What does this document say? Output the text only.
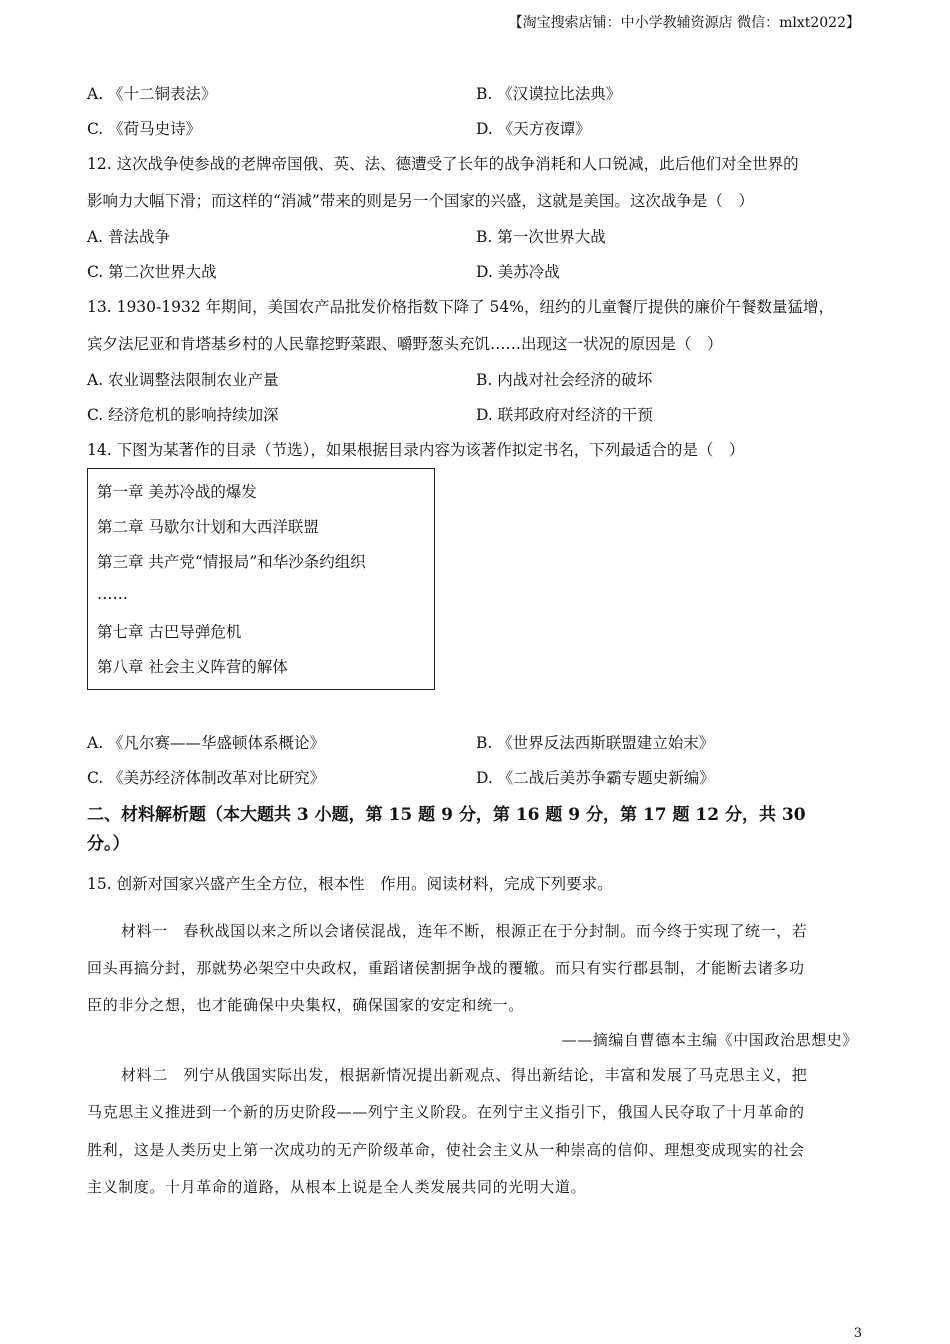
【淘宝搜索店铺：中小学教辅资源店 微信：mlxt2022】
A. 《十二铜表法》	B. 《汉谟拉比法典》
C. 《荷马史诗》	D. 《天方夜谭》
12. 这次战争使参战的老牌帝国俄、英、法、德遭受了长年的战争消耗和人口锐减，此后他们对全世界的
影响力大幅下滑；而这样的“消减”带来的则是另一个国家的兴盛，这就是美国。这次战争是（　）
A. 普法战争	B. 第一次世界大战
C. 第二次世界大战	D. 美苏冷战
13. 1930-1932 年期间，美国农产品批发价格指数下降了 54%，纽约的儿童餐厅提供的廉价午餐数量猛增，
宾夕法尼亚和肯塔基乡村的人民靠挖野菜跟、嚼野葱头充饥……出现这一状况的原因是（　）
A. 农业调整法限制农业产量	B. 内战对社会经济的破坏
C. 经济危机的影响持续加深	D. 联邦政府对经济的干预
14. 下图为某著作的目录（节选），如果根据目录内容为该著作拟定书名，下列最适合的是（　）
第一章 美苏冷战的爆发
第二章 马歇尔计划和大西洋联盟
第三章 共产党“情报局”和华沙条约组织
……
第七章 古巴导弹危机
第八章 社会主义阵营的解体
A. 《凡尔赛——华盛顿体系概论》	B. 《世界反法西斯联盟建立始末》
C. 《美苏经济体制改革对比研究》	D. 《二战后美苏争霸专题史新编》
二、材料解析题（本大题共 3 小题，第 15 题 9 分，第 16 题 9 分，第 17 题 12 分，共 30
分。）
15. 创新对国家兴盛产生全方位，根本性　作用。阅读材料，完成下列要求。
材料一　春秋战国以来之所以会诸侯混战，连年不断，根源正在于分封制。而今终于实现了统一，若
回头再搞分封，那就势必架空中央政权，重蹈诸侯割据争战的覆辙。而只有实行郡县制，才能断去诸多功
臣的非分之想，也才能确保中央集权，确保国家的安定和统一。
——摘编自曹德本主编《中国政治思想史》
材料二　列宁从俄国实际出发，根据新情况提出新观点、得出新结论，丰富和发展了马克思主义，把
马克思主义推进到一个新的历史阶段——列宁主义阶段。在列宁主义指引下，俄国人民夺取了十月革命的
胜利，这是人类历史上第一次成功的无产阶级革命，使社会主义从一种崇高的信仰、理想变成现实的社会
主义制度。十月革命的道路，从根本上说是全人类发展共同的光明大道。
3
